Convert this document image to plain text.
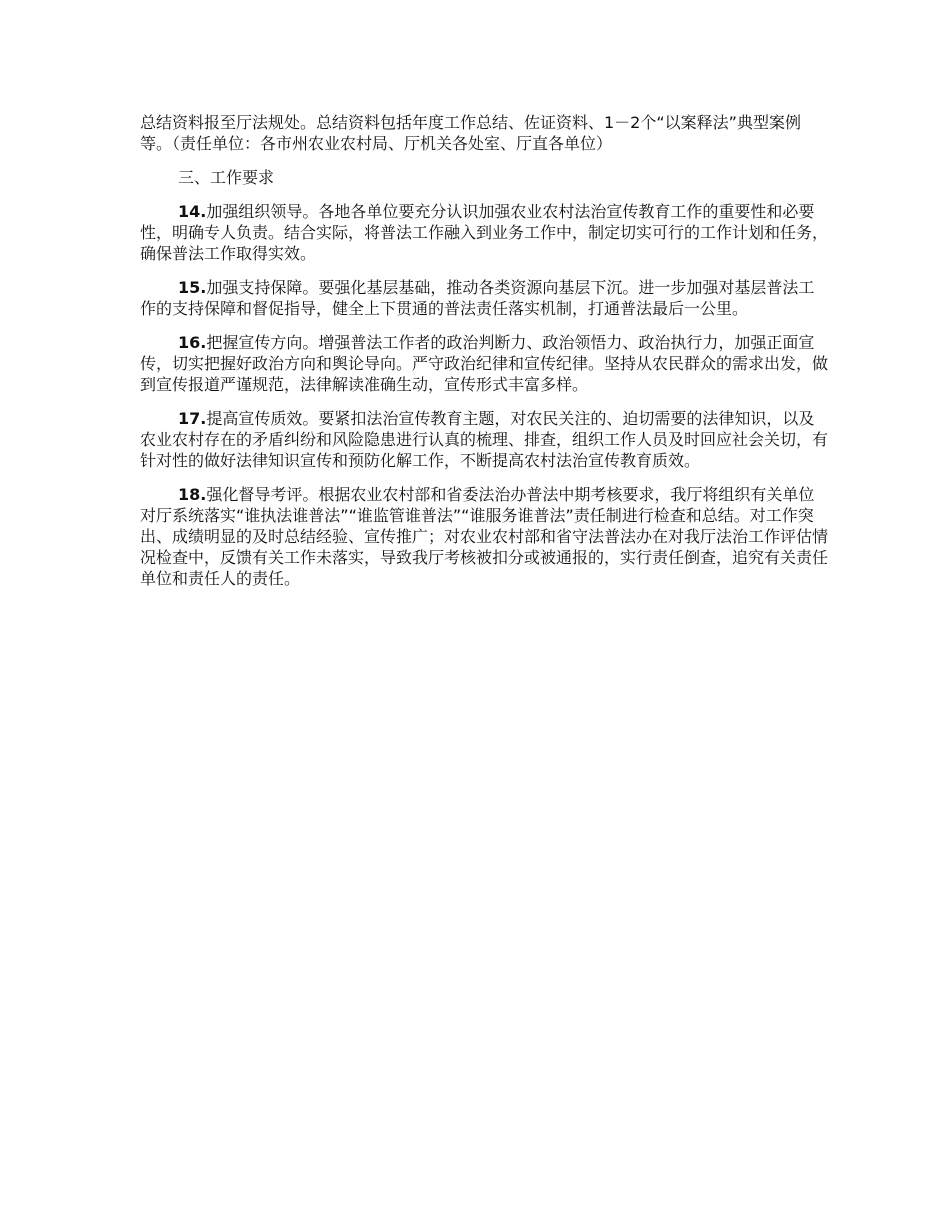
总结资料报至厅法规处。总结资料包括年度工作总结、佐证资料、1－2个“以案释法”典型案例等。（责任单位：各市州农业农村局、厅机关各处室、厅直各单位）

三、工作要求

14.加强组织领导。各地各单位要充分认识加强农业农村法治宣传教育工作的重要性和必要性，明确专人负责。结合实际，将普法工作融入到业务工作中，制定切实可行的工作计划和任务，确保普法工作取得实效。

15.加强支持保障。要强化基层基础，推动各类资源向基层下沉。进一步加强对基层普法工作的支持保障和督促指导，健全上下贯通的普法责任落实机制，打通普法最后一公里。

16.把握宣传方向。增强普法工作者的政治判断力、政治领悟力、政治执行力，加强正面宣传，切实把握好政治方向和舆论导向。严守政治纪律和宣传纪律。坚持从农民群众的需求出发，做到宣传报道严谨规范，法律解读准确生动，宣传形式丰富多样。

17.提高宣传质效。要紧扣法治宣传教育主题，对农民关注的、迫切需要的法律知识，以及农业农村存在的矛盾纠纷和风险隐患进行认真的梳理、排查，组织工作人员及时回应社会关切，有针对性的做好法律知识宣传和预防化解工作，不断提高农村法治宣传教育质效。

18.强化督导考评。根据农业农村部和省委法治办普法中期考核要求，我厅将组织有关单位对厅系统落实“谁执法谁普法”“谁监管谁普法”“谁服务谁普法”责任制进行检查和总结。对工作突出、成绩明显的及时总结经验、宣传推广；对农业农村部和省守法普法办在对我厅法治工作评估情况检查中，反馈有关工作未落实，导致我厅考核被扣分或被通报的，实行责任倒查，追究有关责任单位和责任人的责任。
